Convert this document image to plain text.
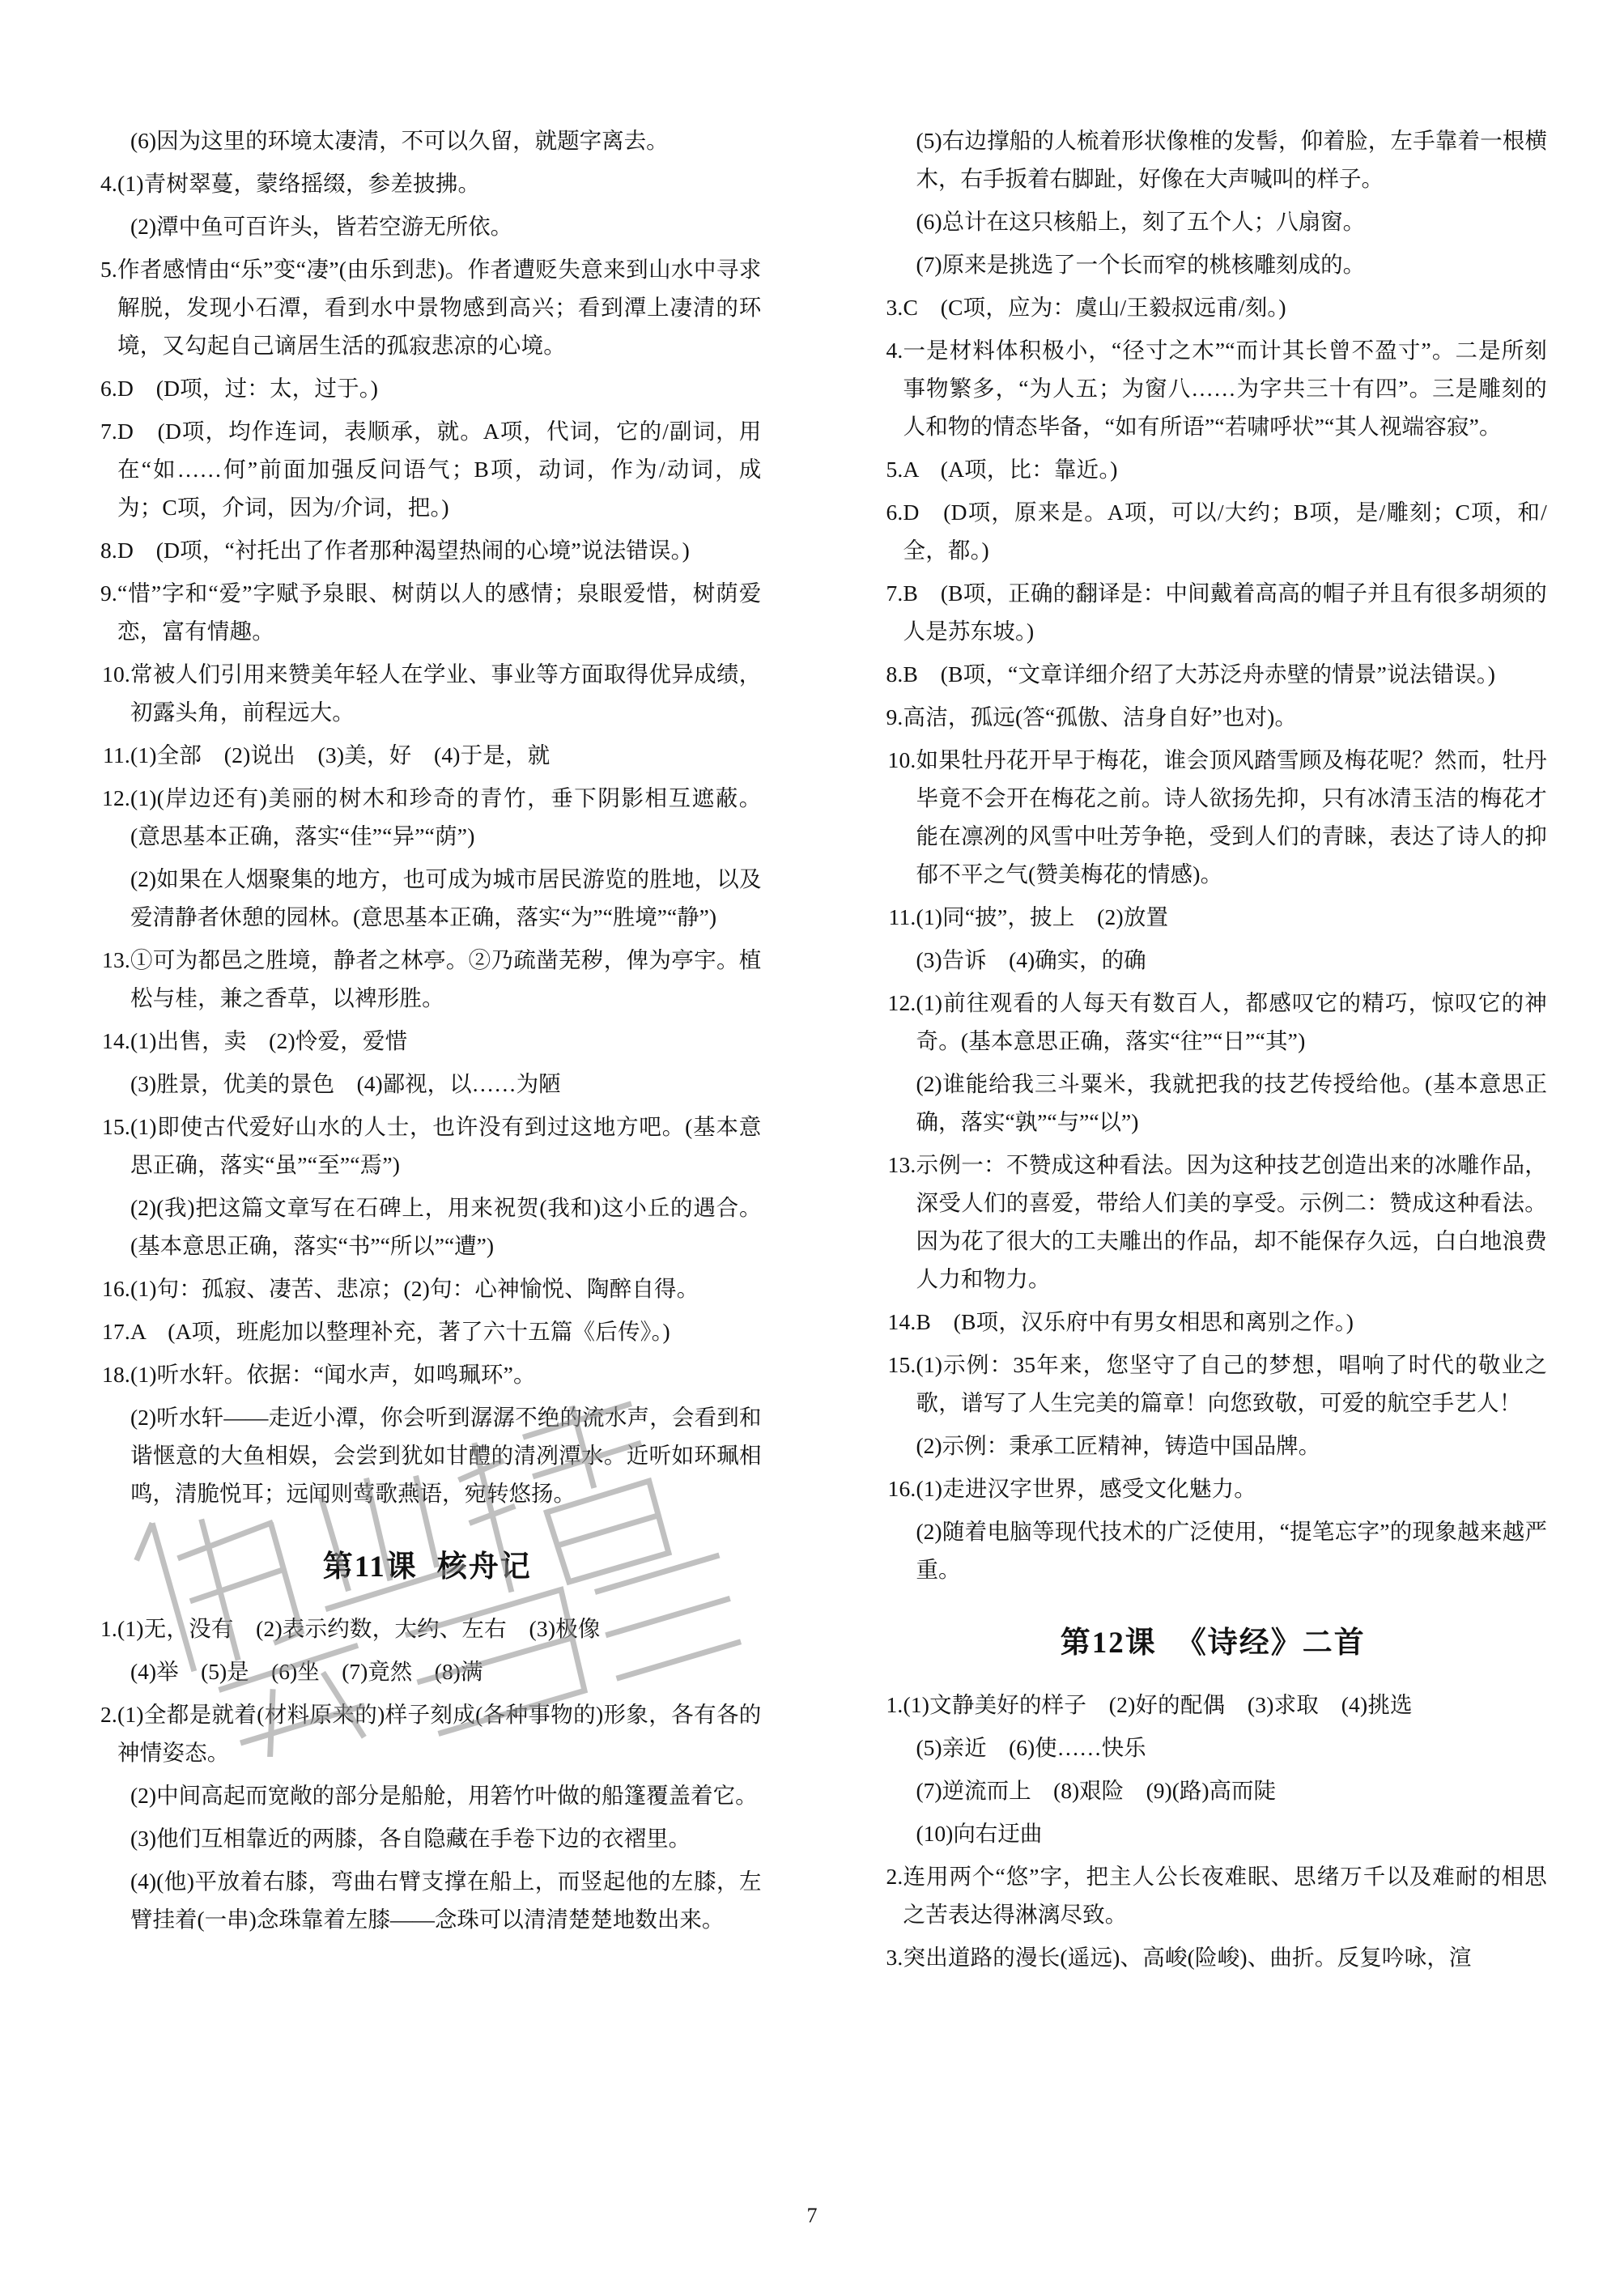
(6)因为这里的环境太凄清，不可以久留，就题字离去。
4. (1)青树翠蔓，蒙络摇缀，参差披拂。
(2)潭中鱼可百许头，皆若空游无所依。
5. 作者感情由“乐”变“凄”(由乐到悲)。作者遭贬失意来到山水中寻求解脱，发现小石潭，看到水中景物感到高兴；看到潭上凄清的环境，又勾起自己谪居生活的孤寂悲凉的心境。
6. D　(D项，过：太，过于。)
7. D　(D项，均作连词，表顺承，就。A项，代词，它的/副词，用在“如……何”前面加强反问语气；B项，动词，作为/动词，成为；C项，介词，因为/介词，把。)
8. D　(D项，“衬托出了作者那种渴望热闹的心境”说法错误。)
9. “惜”字和“爱”字赋予泉眼、树荫以人的感情；泉眼爱惜，树荫爱恋，富有情趣。
10. 常被人们引用来赞美年轻人在学业、事业等方面取得优异成绩，初露头角，前程远大。
11. (1)全部　(2)说出　(3)美，好　(4)于是，就
12. (1)(岸边还有)美丽的树木和珍奇的青竹，垂下阴影相互遮蔽。(意思基本正确，落实“佳”“异”“荫”)
(2)如果在人烟聚集的地方，也可成为城市居民游览的胜地，以及爱清静者休憩的园林。(意思基本正确，落实“为”“胜境”“静”)
13. ①可为都邑之胜境，静者之林亭。②乃疏凿芜秽，俾为亭宇。植松与桂，兼之香草，以裨形胜。
14. (1)出售，卖　(2)怜爱，爱惜
(3)胜景，优美的景色　(4)鄙视，以……为陋
15. (1)即使古代爱好山水的人士，也许没有到过这地方吧。(基本意思正确，落实“虽”“至”“焉”)
(2)(我)把这篇文章写在石碑上，用来祝贺(我和)这小丘的遇合。(基本意思正确，落实“书”“所以”“遭”)
16. (1)句：孤寂、凄苦、悲凉；(2)句：心神愉悦、陶醉自得。
17. A　(A项，班彪加以整理补充，著了六十五篇《后传》。)
18. (1)听水轩。依据：“闻水声，如鸣珮环”。
(2)听水轩——走近小潭，你会听到潺潺不绝的流水声，会看到和谐惬意的大鱼相娱，会尝到犹如甘醴的清冽潭水。近听如环珮相鸣，清脆悦耳；远闻则莺歌燕语，宛转悠扬。
第11课 核舟记
1. (1)无，没有　(2)表示约数，大约、左右　(3)极像
(4)举　(5)是　(6)坐　(7)竟然　(8)满
2. (1)全都是就着(材料原来的)样子刻成(各种事物的)形象，各有各的神情姿态。
(2)中间高起而宽敞的部分是船舱，用箬竹叶做的船篷覆盖着它。
(3)他们互相靠近的两膝，各自隐藏在手卷下边的衣褶里。
(4)(他)平放着右膝，弯曲右臂支撑在船上，而竖起他的左膝，左臂挂着(一串)念珠靠着左膝——念珠可以清清楚楚地数出来。
(5)右边撑船的人梳着形状像椎的发髻，仰着脸，左手靠着一根横木，右手扳着右脚趾，好像在大声喊叫的样子。
(6)总计在这只核船上，刻了五个人；八扇窗。
(7)原来是挑选了一个长而窄的桃核雕刻成的。
3. C　(C项，应为：虞山/王毅叔远甫/刻。)
4. 一是材料体积极小，“径寸之木”“而计其长曾不盈寸”。二是所刻事物繁多，“为人五；为窗八……为字共三十有四”。三是雕刻的人和物的情态毕备，“如有所语”“若啸呼状”“其人视端容寂”。
5. A　(A项，比：靠近。)
6. D　(D项，原来是。A项，可以/大约；B项，是/雕刻；C项，和/全，都。)
7. B　(B项，正确的翻译是：中间戴着高高的帽子并且有很多胡须的人是苏东坡。)
8. B　(B项，“文章详细介绍了大苏泛舟赤壁的情景”说法错误。)
9. 高洁，孤远(答“孤傲、洁身自好”也对)。
10. 如果牡丹花开早于梅花，谁会顶风踏雪顾及梅花呢？然而，牡丹毕竟不会开在梅花之前。诗人欲扬先抑，只有冰清玉洁的梅花才能在凛冽的风雪中吐芳争艳，受到人们的青睐，表达了诗人的抑郁不平之气(赞美梅花的情感)。
11. (1)同“披”，披上　(2)放置
(3)告诉　(4)确实，的确
12. (1)前往观看的人每天有数百人，都感叹它的精巧，惊叹它的神奇。(基本意思正确，落实“往”“日”“其”)
(2)谁能给我三斗粟米，我就把我的技艺传授给他。(基本意思正确，落实“孰”“与”“以”)
13. 示例一：不赞成这种看法。因为这种技艺创造出来的冰雕作品，深受人们的喜爱，带给人们美的享受。示例二：赞成这种看法。因为花了很大的工夫雕出的作品，却不能保存久远，白白地浪费人力和物力。
14. B　(B项，汉乐府中有男女相思和离别之作。)
15. (1)示例：35年来，您坚守了自己的梦想，唱响了时代的敬业之歌，谱写了人生完美的篇章！向您致敬，可爱的航空手艺人！
(2)示例：秉承工匠精神，铸造中国品牌。
16. (1)走进汉字世界，感受文化魅力。
(2)随着电脑等现代技术的广泛使用，“提笔忘字”的现象越来越严重。
第12课 《诗经》二首
1. (1)文静美好的样子　(2)好的配偶　(3)求取　(4)挑选
(5)亲近　(6)使……快乐
(7)逆流而上　(8)艰险　(9)(路)高而陡
(10)向右迂曲
2. 连用两个“悠”字，把主人公长夜难眠、思绪万千以及难耐的相思之苦表达得淋漓尽致。
3. 突出道路的漫长(遥远)、高峻(险峻)、曲折。反复吟咏，渲
7
